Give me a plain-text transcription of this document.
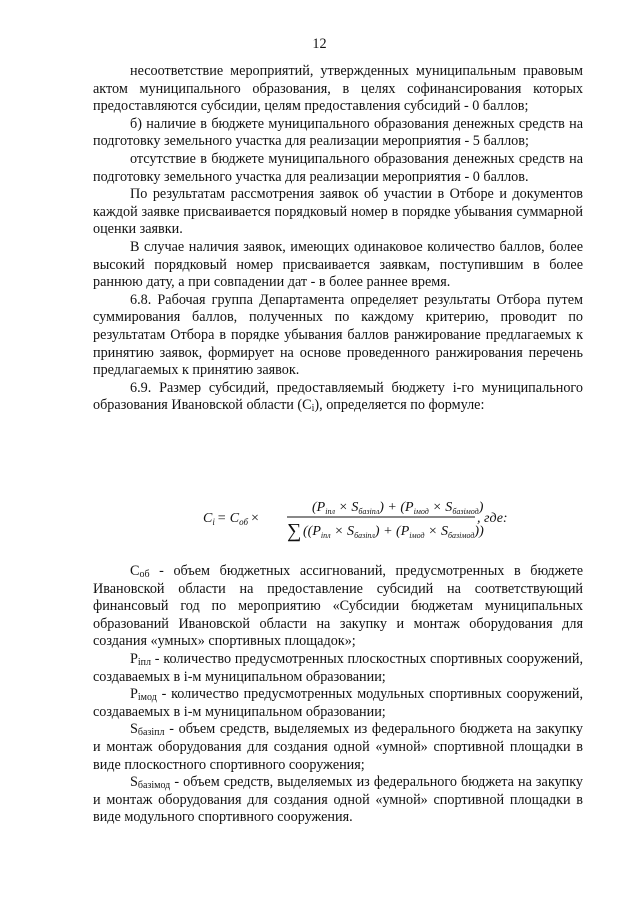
12

несоответствие мероприятий, утвержденных муниципальным правовым актом муниципального образования, в целях софинансирования которых предоставляются субсидии, целям предоставления субсидий - 0 баллов;

б) наличие в бюджете муниципального образования денежных средств на подготовку земельного участка для реализации мероприятия - 5 баллов;

отсутствие в бюджете муниципального образования денежных средств на подготовку земельного участка для реализации мероприятия - 0 баллов.

По результатам рассмотрения заявок об участии в Отборе и документов каждой заявке присваивается порядковый номер в порядке убывания суммарной оценки заявки.

В случае наличия заявок, имеющих одинаковое количество баллов, более высокий порядковый номер присваивается заявкам, поступившим в более раннюю дату, а при совпадении дат - в более раннее время.

6.8. Рабочая группа Департамента определяет результаты Отбора путем суммирования баллов, полученных по каждому критерию, проводит по результатам Отбора в порядке убывания баллов ранжирование предлагаемых к принятию заявок, формирует на основе проведенного ранжирования перечень предлагаемых к принятию заявок.

6.9. Размер субсидий, предоставляемый бюджету i-го муниципального образования Ивановской области $(С_i)$, определяется по формуле:

$C_i = C_{об}$ ×
$(P_{iпл} \times S_{базiпл}) + (P_{iмод} \times S_{базiмод})$
∑ $((P_{iпл} \times S_{базiпл}) + (P_{iмод} \times S_{базiмод}))$
, где:

$С_{об}$ - объем бюджетных ассигнований, предусмотренных в бюджете Ивановской области на предоставление субсидий на соответствующий финансовый год по мероприятию «Субсидии бюджетам муниципальных образований Ивановской области на закупку и монтаж оборудования для создания «умных» спортивных площадок»;

$P_{iпл}$ - количество предусмотренных плоскостных спортивных сооружений, создаваемых в i-м муниципальном образовании;

$P_{iмод}$ - количество предусмотренных модульных спортивных сооружений, создаваемых в i-м муниципальном образовании;

$S_{базiпл}$ - объем средств, выделяемых из федерального бюджета на закупку и монтаж оборудования для создания одной «умной» спортивной площадки в виде плоскостного спортивного сооружения;

$S_{базiмод}$ - объем средств, выделяемых из федерального бюджета на закупку и монтаж оборудования для создания одной «умной» спортивной площадки в виде модульного спортивного сооружения.
